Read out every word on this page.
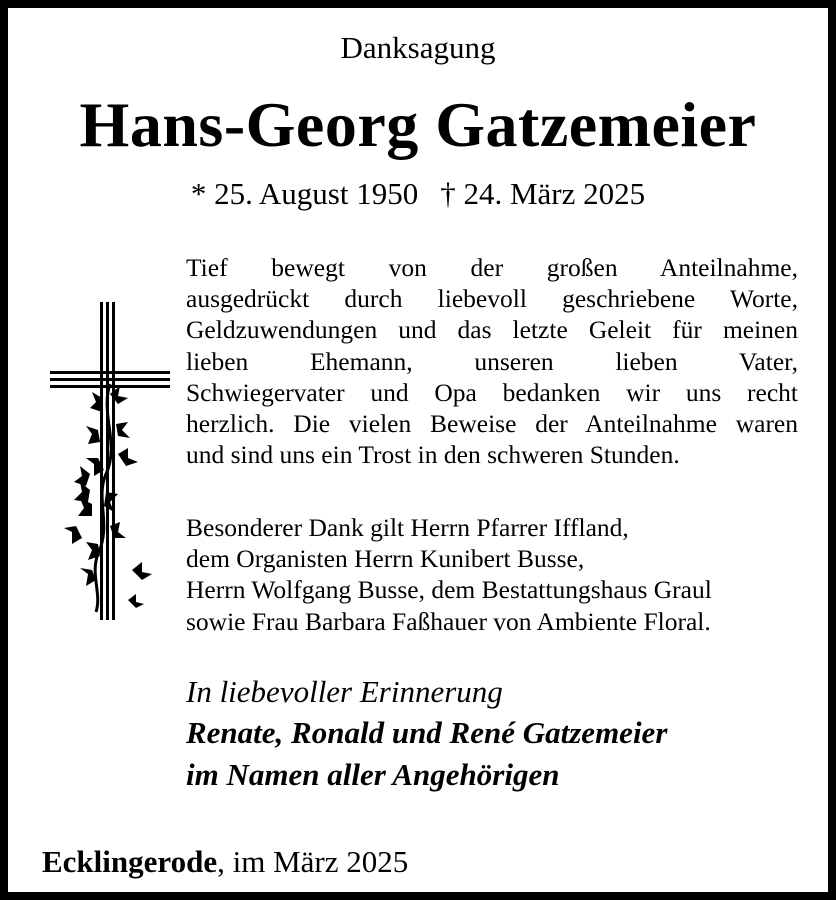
Danksagung
Hans-Georg Gatzemeier
* 25. August 1950 † 24. März 2025
Tief bewegt von der großen Anteilnahme,
ausgedrückt durch liebevoll geschriebene Worte,
Geldzuwendungen und das letzte Geleit für meinen
lieben Ehemann, unseren lieben Vater,
Schwiegervater und Opa bedanken wir uns recht
herzlich. Die vielen Beweise der Anteilnahme waren
und sind uns ein Trost in den schweren Stunden.
Besonderer Dank gilt Herrn Pfarrer Iffland,
dem Organisten Herrn Kunibert Busse,
Herrn Wolfgang Busse, dem Bestattungshaus Graul
sowie Frau Barbara Faßhauer von Ambiente Floral.
In liebevoller Erinnerung
Renate, Ronald und René Gatzemeier
im Namen aller Angehörigen
Ecklingerode, im März 2025
